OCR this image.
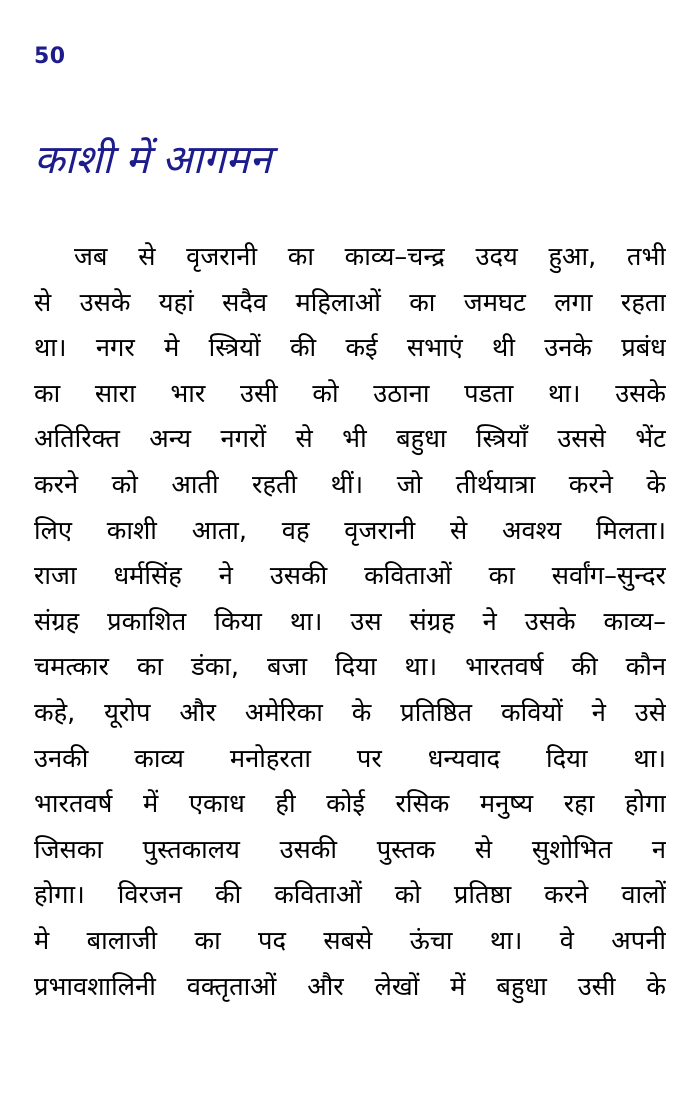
50
काशी में आगमन
जब से वृजरानी का काव्य–चन्द्र उदय हुआ, तभी
से उसके यहां सदैव महिलाओं का जमघट लगा रहता
था। नगर मे स्त्रियों की कई सभाएं थी उनके प्रबंध
का सारा भार उसी को उठाना पडता था। उसके
अतिरिक्त अन्य नगरों से भी बहुधा स्त्रियाँ उससे भेंट
करने को आती रहती थीं। जो तीर्थयात्रा करने के
लिए काशी आता, वह वृजरानी से अवश्य मिलता।
राजा धर्मसिंह ने उसकी कविताओं का सर्वांग–सुन्दर
संग्रह प्रकाशित किया था। उस संग्रह ने उसके काव्य–
चमत्कार का डंका, बजा दिया था। भारतवर्ष की कौन
कहे, यूरोप और अमेरिका के प्रतिष्ठित कवियों ने उसे
उनकी काव्य मनोहरता पर धन्यवाद दिया था।
भारतवर्ष में एकाध ही कोई रसिक मनुष्य रहा होगा
जिसका पुस्तकालय उसकी पुस्तक से सुशोभित न
होगा। विरजन की कविताओं को प्रतिष्ठा करने वालों
मे बालाजी का पद सबसे ऊंचा था। वे अपनी
प्रभावशालिनी वक्तृताओं और लेखों में बहुधा उसी के
